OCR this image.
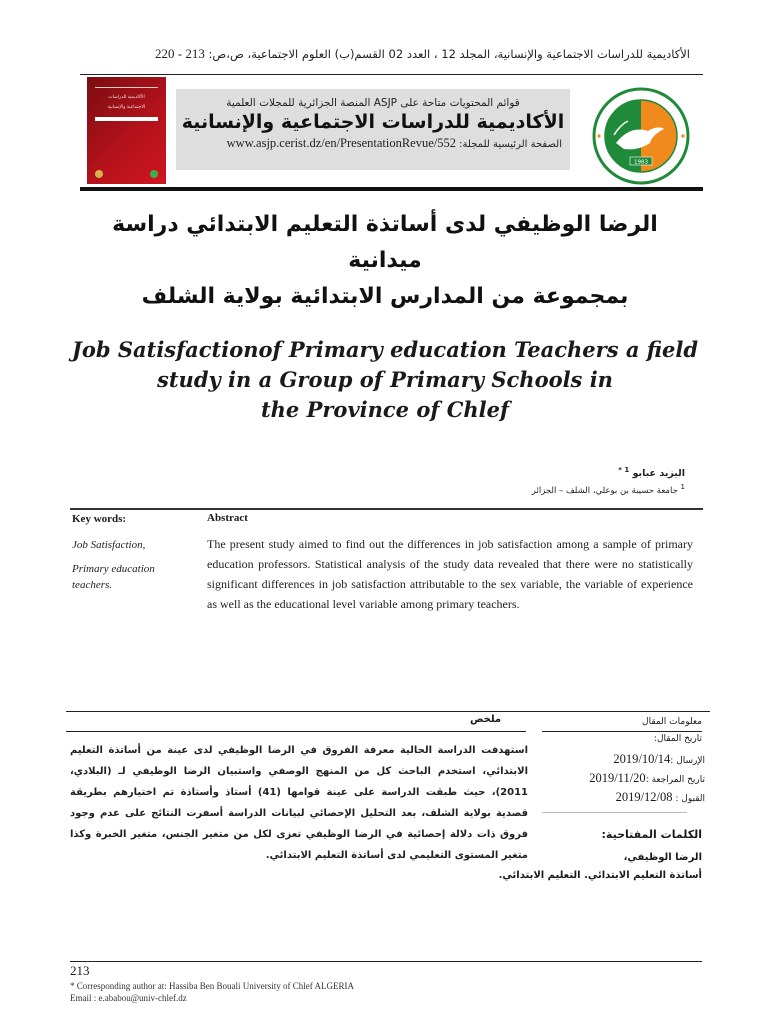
الأكاديمية للدراسات الاجتماعية والإنسانية، المجلد 12 ، العدد 02 القسم(ب) العلوم الاجتماعية، ص،ص: 213 - 220
الأكاديمية للدراسات
الاجتماعية والإنسانية	قوائم المحتويات متاحة على ASJP المنصة الجزائرية للمجلات العلمية
الأكاديمية للدراسات الاجتماعية والإنسانية
الصفحة الرئيسية للمجلة: www.asjp.cerist.dz/en/PresentationRevue/552
1983
الرضا الوظيفي لدى أساتذة التعليم الابتدائي دراسة ميدانية
بمجموعة من المدارس الابتدائية بولاية الشلف
Job Satisfactionof Primary education Teachers a field
study in a Group of Primary Schools in
the Province of Chlef
اليزيد عبابو $^{1 *}$
$^1$ جامعة حسيبة بن بوعلي، الشلف – الجزائر
Key words:
Job Satisfaction,
Primary education
teachers.
Abstract
The present study aimed to find out the differences in job satisfaction among a sample of primary education professors. Statistical analysis of the study data revealed that there were no statistically significant differences in job satisfaction attributable to the sex variable, the variable of experience as well as the educational level variable among primary teachers.
معلومات المقال
تاريخ المقال:
الإرسال :2019/10/14
تاريخ المراجعة :2019/11/20
القبول : 2019/12/08
ملخص
استهدفت الدراسة الحالية معرفة الفروق في الرضا الوظيفي لدى عينة من أساتذة التعليم الابتدائي، استخدم الباحث كل من المنهج الوصفي واستبيان الرضا الوظيفي لـ (البلادي، 2011)، حيث طبقت الدراسة على عينة قوامها (41) أستاذ وأستاذة تم اختيارهم بطريقة قصدية بولاية الشلف، بعد التحليل الإحصائي لبيانات الدراسة أسفرت النتائج على عدم وجود فروق ذات دلالة إحصائية في الرضا الوظيفي تعزى لكل من متغير الجنس، متغير الخبرة وكذا متغير المستوى التعليمي لدى أساتذة التعليم الابتدائي.
الكلمات المفتاحية:
الرضا الوظيفي،
أساتذة التعليم الابتدائي. التعليم الابتدائي.
213
* Corresponding author at: Hassiba Ben Bouali University of Chlef ALGERIA
Email : e.ababou@univ-chlef.dz
